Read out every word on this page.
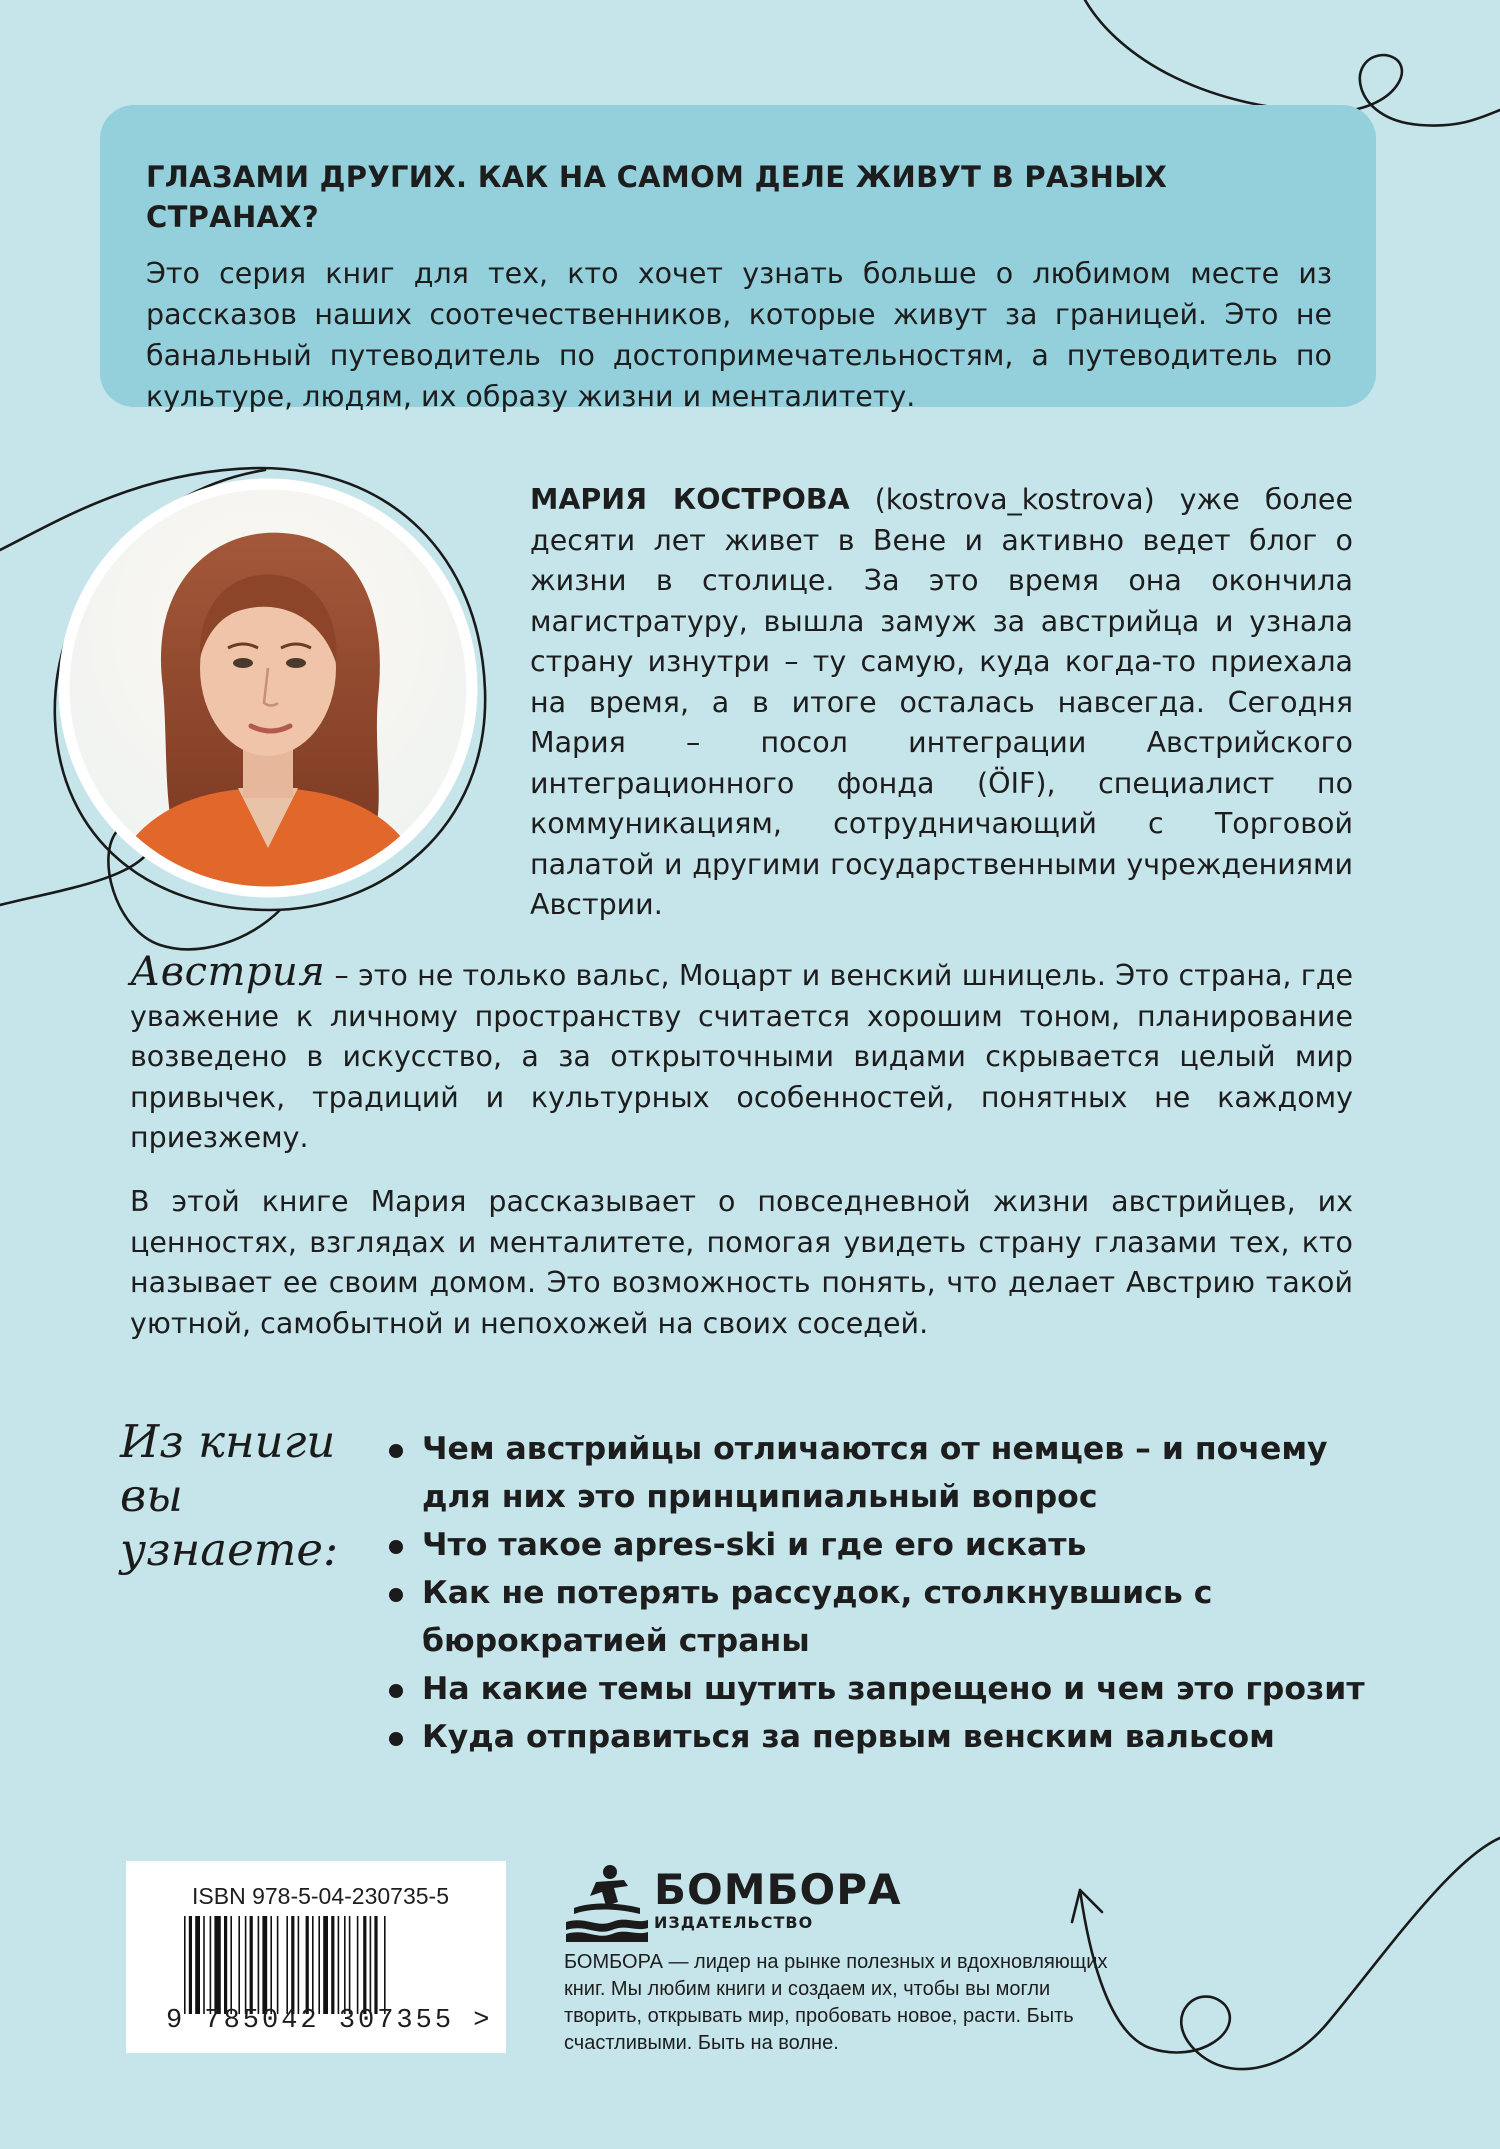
ГЛАЗАМИ ДРУГИХ. КАК НА САМОМ ДЕЛЕ ЖИВУТ В РАЗНЫХ СТРАНАХ?

Это серия книг для тех, кто хочет узнать больше о любимом месте из рассказов наших соотечественников, которые живут за границей. Это не банальный путеводитель по достопримечательностям, а путеводитель по культуре, людям, их образу жизни и менталитету.

МАРИЯ КОСТРОВА (kostrova_kostrova) уже более десяти лет живет в Вене и активно ведет блог о жизни в столице. За это время она окончила магистратуру, вышла замуж за австрийца и узнала страну изнутри – ту самую, куда когда-то приехала на время, а в итоге осталась навсегда. Сегодня Мария – посол интеграции Австрийского интеграционного фонда (ÖIF), специалист по коммуникациям, сотрудничающий с Торговой палатой и другими государственными учреждениями Австрии.

Австрия – это не только вальс, Моцарт и венский шницель. Это страна, где уважение к личному пространству считается хорошим тоном, планирование возведено в искусство, а за открыточными видами скрывается целый мир привычек, традиций и культурных особенностей, понятных не каждому приезжему.

В этой книге Мария рассказывает о повседневной жизни австрийцев, их ценностях, взглядах и менталитете, помогая увидеть страну глазами тех, кто называет ее своим домом. Это возможность понять, что делает Австрию такой уютной, самобытной и непохожей на своих соседей.

Из книги
вы узнаете:
Чем австрийцы отличаются от немцев – и почему для них это принципиальный вопрос
Что такое apres-ski и где его искать
Как не потерять рассудок, столкнувшись с бюрократией страны
На какие темы шутить запрещено и чем это грозит
Куда отправиться за первым венским вальсом

ISBN 978-5-04-230735-5

9 785042 307355 >
БОМБОРА
ИЗДАТЕЛЬСТВО

БОМБОРА — лидер на рынке полезных и вдохновляющих книг. Мы любим книги и создаем их, чтобы вы могли творить, открывать мир, пробовать новое, расти. Быть счастливыми. Быть на волне.
